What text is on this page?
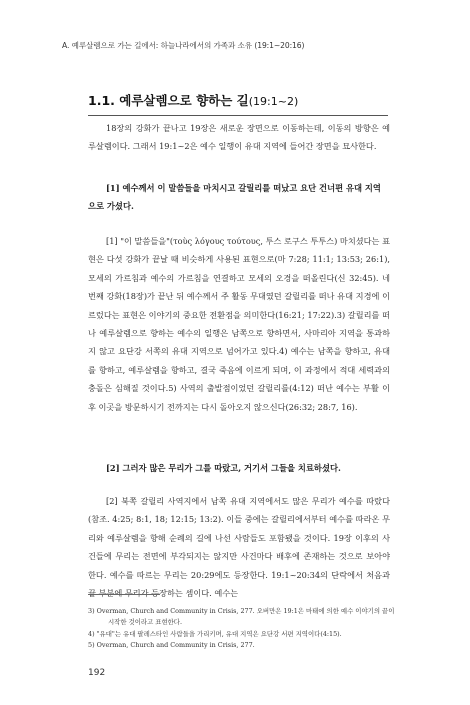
A. 예루살렘으로 가는 길에서: 하늘나라에서의 가족과 소유 (19:1~20:16)
1.1. 예루살렘으로 향하는 길(19:1~2)
18장의 강화가 끝나고 19장은 새로운 장면으로 이동하는데, 이동의 방향은 예루살렘이다. 그래서 19:1~2은 예수 일행이 유대 지역에 들어간 장면을 묘사한다.
[1] 예수께서 이 말씀들을 마치시고 갈릴리를 떠났고 요단 건너편 유대 지역으로 가셨다.
[1] "이 말씀들을"(τοὺς λόγους τούτους, 투스 로구스 투투스) 마치셨다는 표현은 다섯 강화가 끝날 때 비슷하게 사용된 표현으로(마 7:28; 11:1; 13:53; 26:1), 모세의 가르침과 예수의 가르침을 연결하고 모세의 오경을 떠올린다(신 32:45). 네 번째 강화(18장)가 끝난 뒤 예수께서 주 활동 무대였던 갈릴리를 떠나 유대 지경에 이르렀다는 표현은 이야기의 중요한 전환점을 의미한다(16:21; 17:22).3) 갈릴리를 떠나 예루살렘으로 향하는 예수의 일행은 남쪽으로 향하면서, 사마리아 지역을 통과하지 않고 요단강 서쪽의 유대 지역으로 넘어가고 있다.4) 예수는 남쪽을 향하고, 유대를 향하고, 예루살렘을 향하고, 결국 죽음에 이르게 되며, 이 과정에서 적대 세력과의 충돌은 심해질 것이다.5) 사역의 출발점이었던 갈릴리를(4:12) 떠난 예수는 부활 이후 이곳을 방문하시기 전까지는 다시 돌아오지 않으신다(26:32; 28:7, 16).
[2] 그러자 많은 무리가 그를 따랐고, 거기서 그들을 치료하셨다.
[2] 북쪽 갈릴리 사역지에서 남쪽 유대 지역에서도 많은 무리가 예수를 따랐다(참조. 4:25; 8:1, 18; 12:15; 13:2). 이들 중에는 갈릴리에서부터 예수를 따라온 무리와 예루살렘을 향해 순례의 길에 나선 사람들도 포함됐을 것이다. 19장 이후의 사건들에 무리는 전면에 부각되지는 않지만 사건마다 배후에 존재하는 것으로 보아야 한다. 예수를 따르는 무리는 20:29에도 등장한다. 19:1~20:34의 단락에서 처음과 끝 부분에 무리가 등장하는 셈이다. 예수는
3) Overman, Church and Community in Crisis, 277. 오버만은 19:1은 마태에 의한 예수 이야기의 끝이 시작한 것이라고 표현한다.
4) "유대"는 유대 팔레스타인 사람들을 가리키며, 유대 지역은 요단강 서편 지역이다(4:15).
5) Overman, Church and Community in Crisis, 277.
192
